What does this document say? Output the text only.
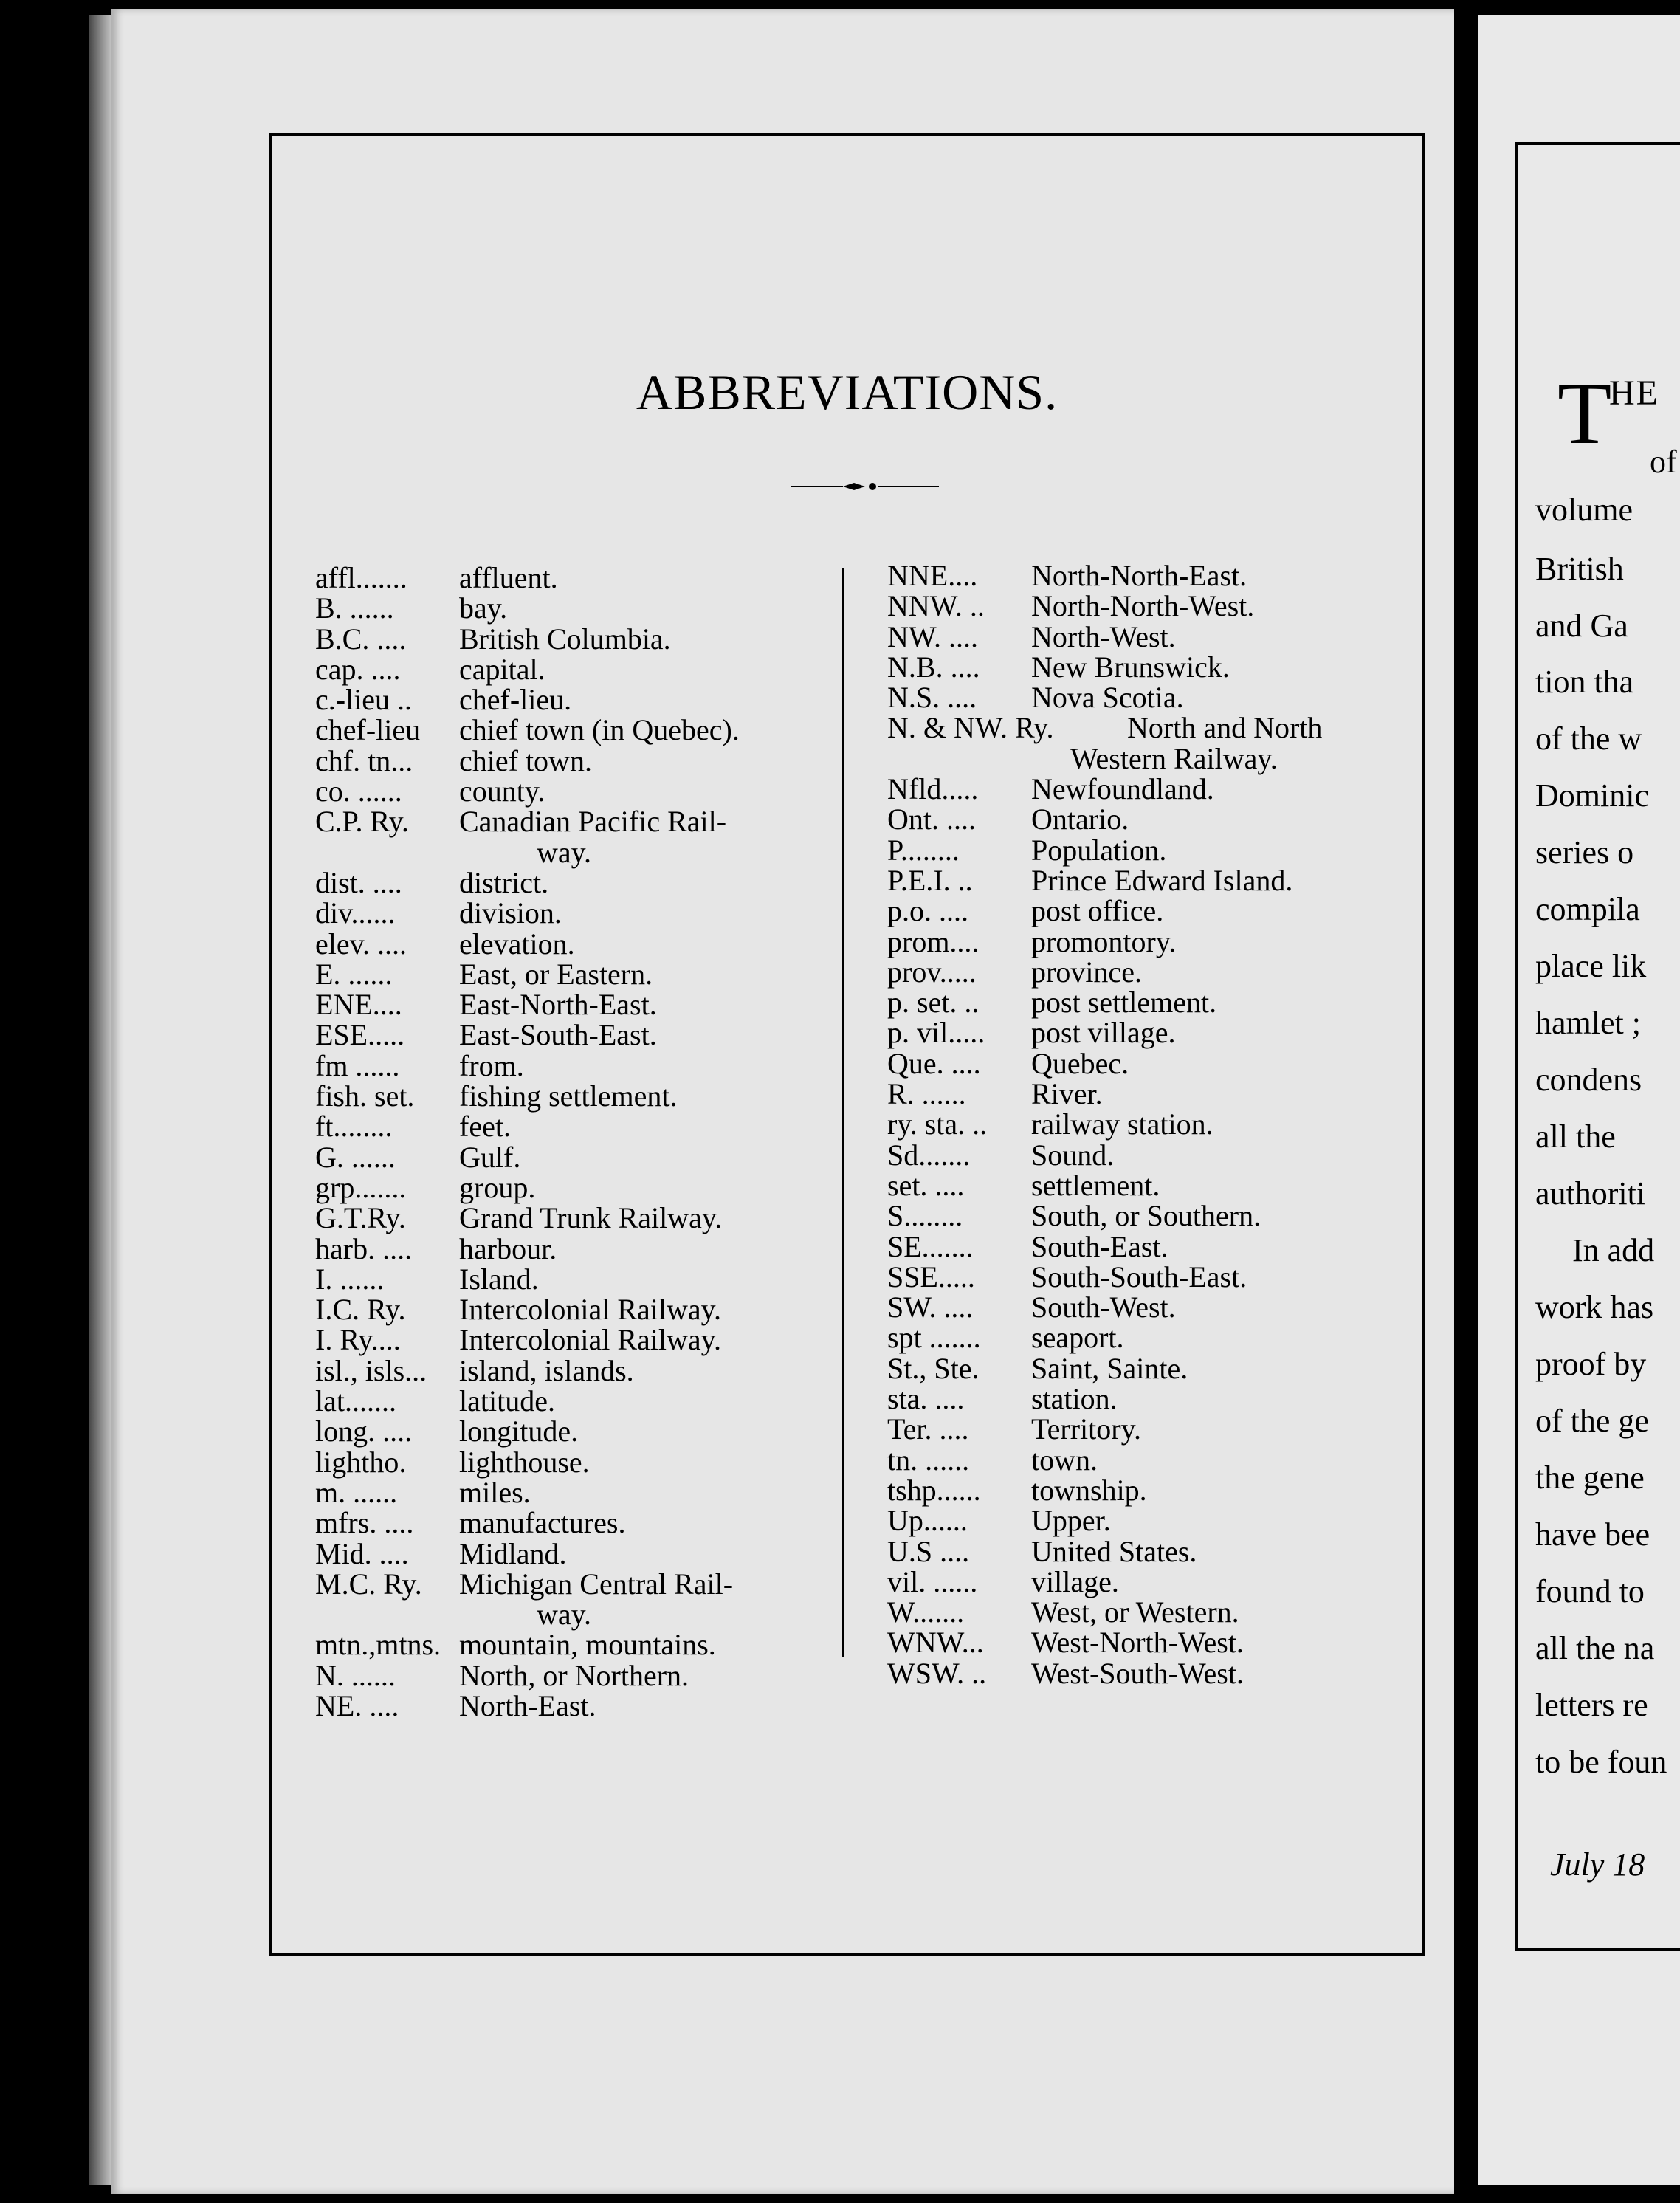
ABBREVIATIONS.
affl....... affluent.
B. ...... bay.
B.C. .... British Columbia.
cap. .... capital.
c.-lieu .. chef-lieu.
chef-lieu chief town (in Quebec).
chf. tn... chief town.
co. ...... county.
C.P. Ry. Canadian Pacific Rail-
way.
dist. .... district.
div...... division.
elev. .... elevation.
E. ...... East, or Eastern.
ENE.... East-North-East.
ESE..... East-South-East.
fm ...... from.
fish. set. fishing settlement.
ft........ feet.
G. ...... Gulf.
grp....... group.
G.T.Ry. Grand Trunk Railway.
harb. .... harbour.
I. ......	Island.
I.C. Ry. Intercolonial Railway.
I. Ry.... Intercolonial Railway.
isl., isls... island, islands.
lat....... latitude.
long. .... longitude.
lightho. lighthouse.
m. ...... miles.
mfrs. .... manufactures.
Mid. .... Midland.
M.C. Ry. Michigan Central Rail-
way.
mtn.,mtns. mountain, mountains.
N. ...... North, or Northern.
NE. .... North-East.
NNE.... North-North-East.
NNW. .. North-North-West.
NW. .... North-West.
N.B. .... New Brunswick.
N.S. .... Nova Scotia.
N. & NW. Ry. North and North
Western Railway.
Nfld..... Newfoundland.
Ont. .... Ontario.
P........ Population.
P.E.I. .. Prince Edward Island.
p.o. .... post office.
prom.... promontory.
prov..... province.
p. set. .. post settlement.
p. vil..... post village.
Que. .... Quebec.
R. ...... River.
ry. sta. .. railway station.
Sd....... Sound.
set. .... settlement.
S........ South, or Southern.
SE....... South-East.
SSE..... South-South-East.
SW. .... South-West.
spt ....... seaport.
St., Ste. Saint, Sainte.
sta. .... station.
Ter. .... Territory.
tn. ...... town.
tshp...... township.
Up...... Upper.
U.S .... United States.
vil. ...... village.
W....... West, or Western.
WNW... West-North-West.
WSW. .. West-South-West.
T
HE
of
volume
British
and Ga
tion tha
of the w
Dominic
series o
compila
place lik
hamlet ;
condens
all the
authoriti
In add
work has
proof by
of the ge
the gene
have bee
found to
all the na
letters re
to be foun
July 18
